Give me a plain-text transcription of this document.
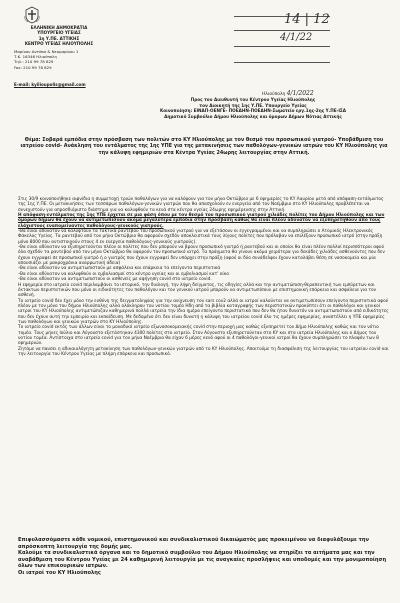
ΕΛΛΗΝΙΚΗ ΔΗΜΟΚΡΑΤΙΑ
ΥΠΟΥΡΓΕΙΟ ΥΓΕΙΑΣ
1η Υ.ΠΕ. ΑΤΤΙΚΗΣ
ΚΕΝΤΡΟ ΥΓΕΙΑΣ ΗΛΙΟΥΠΟΛΗΣ
Μαρίνου Αντύπα & Νεομαρίνου 1
Τ.Κ. 16346 Ηλιούπολη
Τηλ.: 210 99 78 829
Fax: 210 99 78 829
E-mail: kyilioupolis@gmail.com
14 | 12
4/1/22
Ηλιούπολη 4/1/2022
Προς τον Διευθυντή του Κέντρου Υγείας Ηλιούπολης
τον Διοικητή της 1ης Υ.ΠΕ. Υπουργείο Υγείας
Κοινοποίηση: ΕΙΝΑΠ-ΟΕΝΓΕ- ΠΟΕΔΗΝ-ΠΟΕΔΗΝ-Σωματείο εργ.1ης-2ης Υ.ΠΕ-ΙΣΑ
Δημοτικό Συμβούλιο Δήμου Ηλιούπολης και όμορων Δήμων Νότιας Αττικής
Θέμα: Σοβαρά εμπόδια στην πρόσβαση των πολιτών στο ΚΥ Ηλιούπολης με τον θεσμό του προσωπικού γιατρού- Υποβάθμιση του ιατρείου covid- Ανάκληση του εντάλματος της 1ης ΥΠΕ για της μετακινήσεις των παθολόγων-γενικών ιατρών του ΚΥ Ηλιούπολης για την κάλυψη εφημεριών στα Κέντρα Υγείας 24ωρης λειτουργίας στην Αττική.

Στις 30/9 κοινοποιήθηκε αιφνίδια η συμμετοχή τριών παθολόγων για να καλύψουν για τον μήνα Οκτώβριο με 6 εφημερίες το ΚΥ Λαυρίου μετά από απόφαση-εντάλματος της 1ης Υ.ΠΕ. Οι μετακινήσεις των τεσσάρων παθολόγων-γενικών γιατρών που θα απασχολούν εν ενεργεία από τον Νοέμβριο στο ΚΥ Ηλιούπολης προβλέπεται να συνεχιστούν για απροσδιόριστο διάστημα για να καλυφθούν τα κενά στα κέντρα υγείας 24ωρης εφημέρευσης στην Αττική.

Η απόφαση-εντάλματος της 1ης ΥΠΕ έρχεται σε μια φάση όπου με τον θεσμό του προσωπικού γιατρού χιλιάδες πολίτες του Δήμου Ηλιούπολης και των όμορων δήμων θα έχουν να αντιμετωπίσουν ακόμα μεγαλύτερα εμπόδια στην πρόσβαση καθώς θα είναι πλέον αδύνατον να εξυπηρετηθούν από τους ελάχιστους εναπομείναντες παθολόγους-γενικούς γιατρούς.

-Θα είναι αδύνατον να καλυφτούν τα τακτικά ραντεβού του προσωπικού γιατρού για να εξετάσουν οι εγγεγραμμένοι και να συμπληρώσει ο Ατομικός Ηλεκτρονικός Φάκελος Υγείας. Τα ραντεβού από τον μήνα Οκτώβριο θα αφορούν σχεδόν αποκλειστικά τους λίγους πολίτες που πρόλαβαν να επιλέξουν προσωπικό ιατρό (στην πράξη μόνο 8000 που αντιστοιχούν στους 4 εν ενεργεία παθολόγους-γενικούς γιατρούς).

-Θα είναι αδύνατον να εξυπηρετούνται πλέον οι πολίτες που δεν μπορούν να βρουν προσωπικό γιατρό ή ραντεβού και οι οποίοι θα είναι πλέον πολλοί περισσότεροι αφού όλα σχεδόν τα ραντεβού από τον μήνα Οκτώβριο θα αφορούν τον προσωπικό ιατρό. Τα πράγματα θα γίνουν ακόμα χειρότερα για δεκάδες χιλιάδες ασθενούντες που δεν έχουν εγγραφεί σε προσωπικό γιατρό ή ο γιατρός που έχουν εγγραφεί δεν υπάρχει στην πράξη (αφού οι δύο συνάδελφοι έχουν καταλάβει θέση σε νοσοκομεία και μία απουσιάζει με μακροχρόνια αναρρωτική άδεια)

-Θα είναι αδύνατον να αντιμετωπιστούν με ασφάλεια και επάρκεια τα επείγοντα περιστατικά

-Θα είναι αδύνατον να καλυφθούν οι εμβολιασμοί στο κέντρο υγείας και οι εμβολιασμοί κατ' οίκο

-Θα είναι αδύνατον να αντιμετωπιστούν οι ασθενείς με αφήγηση covid στο ιατρείο covid.

Η εφημερία στο ιατρείο covid περιλαμβάνει το ιστορικό, την διαλογή, την λήψη δείγματος, τις οδηγίες αλλά και την αντιμετώπιση-θεραπευτική των εμπύρετων και έκτακτων περιστατικών που μόνο οι ειδικότητες του παθολόγου και του γενικού ιατρού μπορούν να αντιμετωπίσουν με επιστημονική επάρκεια και ασφάλεια για τον ασθενή.

Το ιατρείο covid δεν έχει μόνο την ευθύνη της δειγματοληψίας για την ανίχνευση του sars cov2 αλλά οι ιατροί καλούνται να αντιμετωπίσουν επείγοντα περιστατικά αφού πλέον με τον μόνο του δήμου Ηλιούπολης αλλά ολόκληρου του νοτίου τομέα Ηδη από τα βιβλία καταγραφής των περιστατικών προκύπτει ότι οι παθολόγοι και γενικοί ιατροί του ΚΥ Ηλιούπολης αντιμετώπιζαν καθημερινά πολλά ιατρεία την ίδια ημέρα επείγοντα περιστατικά που δεν θα ήταν δυνατόν να αντιμετωπιστούν από ειδικότητες που δεν έχουν αυτή την εμπειρία και εκπαίδευση. Με δεδομένο ότι δεν είναι δυνατή η κάλυψη του ιατρείου covid όλο τις ημέρες εφημερίας, αναστέλλει η ΥΠΕ εφημερίες των παθολόγων και γενικών γιατρών στο ΚΥ Ηλιούπολης.

Το ιατρείο covid εκτός των άλλων είναι το μοναδικό ιατρείο εξωνοσοκομειακής covid στην περιοχή μας καθώς εξυπηρετεί τον Δήμο Ηλιούπολης καθώς και τον νότιο τομέα. Τους μήνες Ιούλιο και Αύγουστο εξετάστηκαν 4300 πολίτες στο ιατρείο. Στον Αύγουστο εξυπηρετούνταν στο ΚΥ και στα ιατρεία Ηλιούπολης και ο Δήμος του νοτίου τομέα. Αντίστοιχα στο ιατρείο covid για τον μήνα Νοέμβριο θα είχαν 6 μέρες κενό αφού οι 4 παθολόγοι-γενικοί ιατροί θα έχουν συμπληρώσει το πλαφόν των 8 εφημεριών.

Ζητάμε να παυσει η αδικαιολόγητη μετακίνηση των παθολόγων-γενικών γιατρών από το ΚΥ Ηλιούπολης. Απαιτούμε τη διασφάλιση της λειτουργίας του ιατρείου covid και την λειτουργία του Κέντρου Υγείας με πλήρη επάρκεια και προσωπικό.

Επιφυλασσόμαστε κάθε νομικού, επιστημονικού και συνδικαλιστικού δικαιώματός μας προκειμένου να διαφυλάξουμε την απρόσκοπτη λειτουργία της δομής μας.

Καλούμε τα συνδικαλιστικά όργανα και το δημοτικό συμβούλιο του Δήμου Ηλιούπολης να στηρίξει τα αιτήματα μας και την αναβάθμιση του Κέντρου Υγείας με 24 καθημερινή λειτουργία με τις αναγκαίες προσλήψεις και υποδομές και την μονιμοποίηση όλων των επικουρικών ιατρών.

Οι ιατροί του ΚΥ Ηλιούπολης
